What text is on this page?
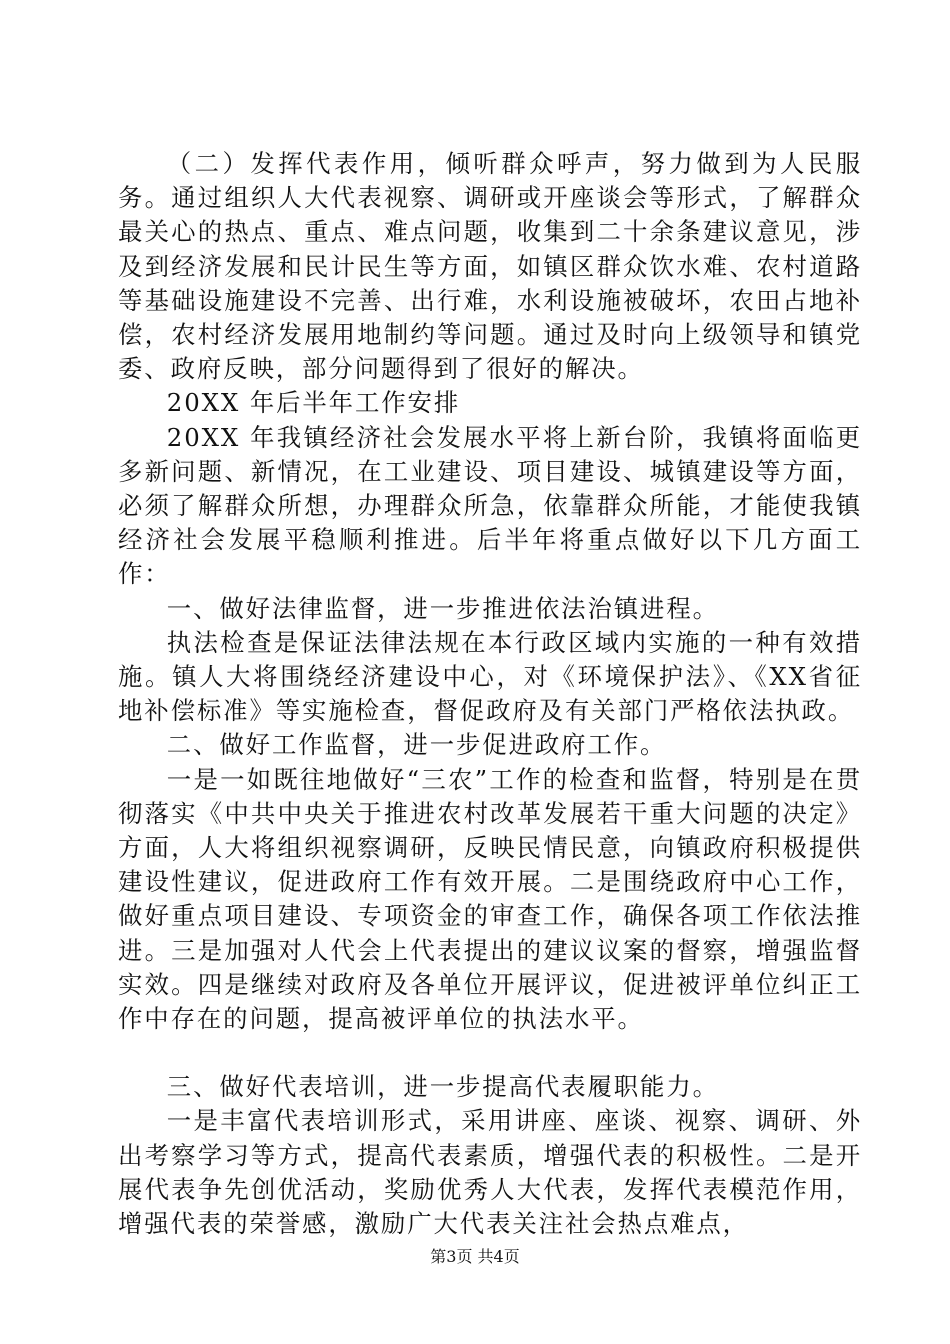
（二）发挥代表作用，倾听群众呼声，努力做到为人民服务。通过组织人大代表视察、调研或开座谈会等形式，了解群众最关心的热点、重点、难点问题，收集到二十余条建议意见，涉及到经济发展和民计民生等方面，如镇区群众饮水难、农村道路等基础设施建设不完善、出行难，水利设施被破坏，农田占地补偿，农村经济发展用地制约等问题。通过及时向上级领导和镇党委、政府反映，部分问题得到了很好的解决。

20XX 年后半年工作安排

20XX 年我镇经济社会发展水平将上新台阶，我镇将面临更多新问题、新情况，在工业建设、项目建设、城镇建设等方面，必须了解群众所想，办理群众所急，依靠群众所能，才能使我镇经济社会发展平稳顺利推进。后半年将重点做好以下几方面工作：

一、做好法律监督，进一步推进依法治镇进程。

执法检查是保证法律法规在本行政区域内实施的一种有效措施。镇人大将围绕经济建设中心，对《环境保护法》、《XX省征地补偿标准》等实施检查，督促政府及有关部门严格依法执政。

二、做好工作监督，进一步促进政府工作。

一是一如既往地做好“三农”工作的检查和监督，特别是在贯彻落实《中共中央关于推进农村改革发展若干重大问题的决定》方面，人大将组织视察调研，反映民情民意，向镇政府积极提供建设性建议，促进政府工作有效开展。二是围绕政府中心工作，做好重点项目建设、专项资金的审查工作，确保各项工作依法推进。三是加强对人代会上代表提出的建议议案的督察，增强监督实效。四是继续对政府及各单位开展评议，促进被评单位纠正工作中存在的问题，提高被评单位的执法水平。

三、做好代表培训，进一步提高代表履职能力。

一是丰富代表培训形式，采用讲座、座谈、视察、调研、外出考察学习等方式，提高代表素质，增强代表的积极性。二是开展代表争先创优活动，奖励优秀人大代表，发挥代表模范作用，增强代表的荣誉感，激励广大代表关注社会热点难点，

第3页 共4页
